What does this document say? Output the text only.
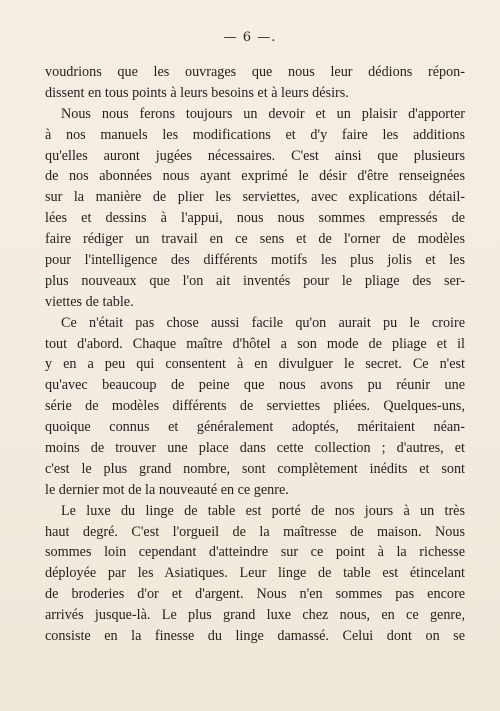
— 6 —.
voudrions que les ouvrages que nous leur dédions répon-
dissent en tous points à leurs besoins et à leurs désirs.
Nous nous ferons toujours un devoir et un plaisir d'apporter
à nos manuels les modifications et d'y faire les additions
qu'elles auront jugées nécessaires. C'est ainsi que plusieurs
de nos abonnées nous ayant exprimé le désir d'être renseignées
sur la manière de plier les serviettes, avec explications détail-
lées et dessins à l'appui, nous nous sommes empressés de
faire rédiger un travail en ce sens et de l'orner de modèles
pour l'intelligence des différents motifs les plus jolis et les
plus nouveaux que l'on ait inventés pour le pliage des ser-
viettes de table.
Ce n'était pas chose aussi facile qu'on aurait pu le croire
tout d'abord. Chaque maître d'hôtel a son mode de pliage et il
y en a peu qui consentent à en divulguer le secret. Ce n'est
qu'avec beaucoup de peine que nous avons pu réunir une
série de modèles différents de serviettes pliées. Quelques-uns,
quoique connus et généralement adoptés, méritaient néan-
moins de trouver une place dans cette collection ; d'autres, et
c'est le plus grand nombre, sont complètement inédits et sont
le dernier mot de la nouveauté en ce genre.
Le luxe du linge de table est porté de nos jours à un très
haut degré. C'est l'orgueil de la maîtresse de maison. Nous
sommes loin cependant d'atteindre sur ce point à la richesse
déployée par les Asiatiques. Leur linge de table est étincelant
de broderies d'or et d'argent. Nous n'en sommes pas encore
arrivés jusque-là. Le plus grand luxe chez nous, en ce genre,
consiste en la finesse du linge damassé. Celui dont on se
